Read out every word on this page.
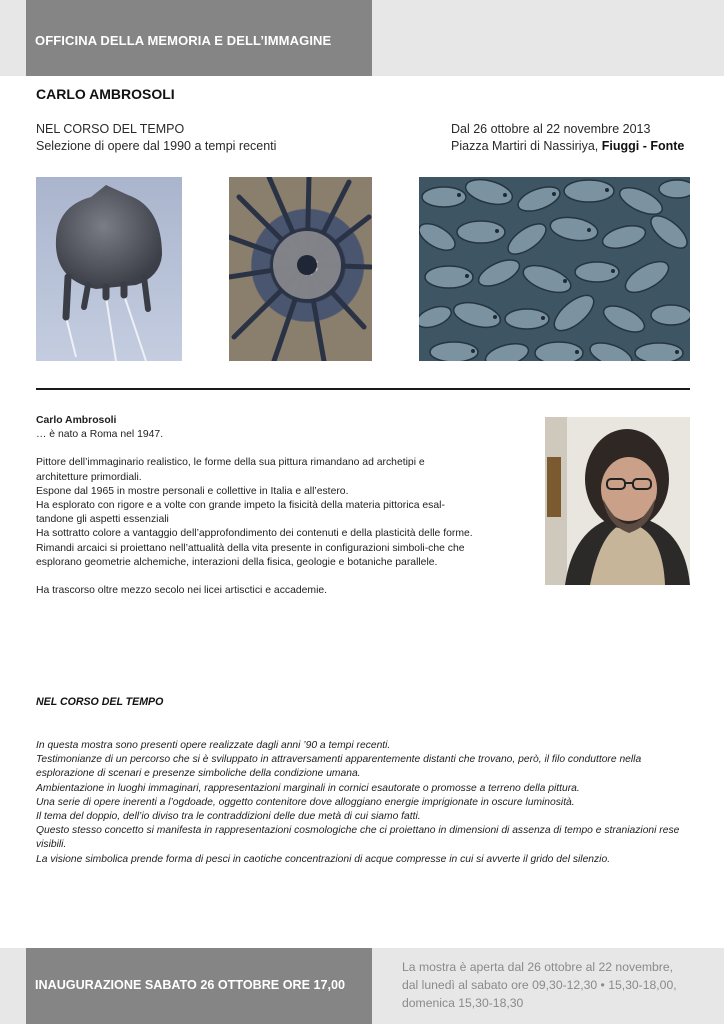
OFFICINA DELLA MEMORIA E DELL’IMMAGINE
CARLO AMBROSOLI
NEL CORSO DEL TEMPO
Selezione di opere dal 1990 a tempi recenti
Dal 26 ottobre al 22 novembre 2013
Piazza Martiri di Nassiriya, Fiuggi - Fonte

Carlo Ambrosoli

… è nato a Roma nel 1947.

Pittore dell’immaginario realistico, le forme della sua pittura rimandano ad archetipi e architetture primordiali.

Espone dal 1965 in mostre personali e collettive in Italia e all’estero.

Ha esplorato con rigore e a volte con grande impeto la fisicità della materia pittorica esal-tandone gli aspetti essenziali

Ha sottratto colore a vantaggio dell’approfondimento dei contenuti e della plasticità delle forme.

Rimandi arcaici si proiettano nell’attualità della vita presente in configurazioni simboli-che che esplorano geometrie alchemiche, interazioni della fisica, geologie e botaniche parallele.

Ha trascorso oltre mezzo secolo nei licei artisctici e accademie.

NEL CORSO DEL TEMPO

In questa mostra sono presenti opere realizzate dagli anni ’90 a tempi recenti.

Testimonianze di un percorso che si è sviluppato in attraversamenti apparentemente distanti che trovano, però, il filo conduttore nella esplorazione di scenari e presenze simboliche della condizione umana.

Ambientazione in luoghi immaginari, rappresentazioni marginali in cornici esautorate o promosse a terreno della pittura.

Una serie di opere inerenti a l’ogdoade, oggetto contenitore dove alloggiano energie imprigionate in oscure luminosità.

Il tema del doppio, dell’io diviso tra le contraddizioni delle due metà di cui siamo fatti.

Questo stesso concetto si manifesta in rappresentazioni cosmologiche che ci proiettano in dimensioni di assenza di tempo e straniazioni rese visibili.

La visione simbolica prende forma di pesci in caotiche concentrazioni di acque compresse in cui si avverte il grido del silenzio.

INAUGURAZIONE SABATO 26 OTTOBRE ORE 17,00
La mostra è aperta dal 26 ottobre al 22 novembre,
dal lunedì al sabato ore 09,30-12,30 • 15,30-18,00,
domenica 15,30-18,30
